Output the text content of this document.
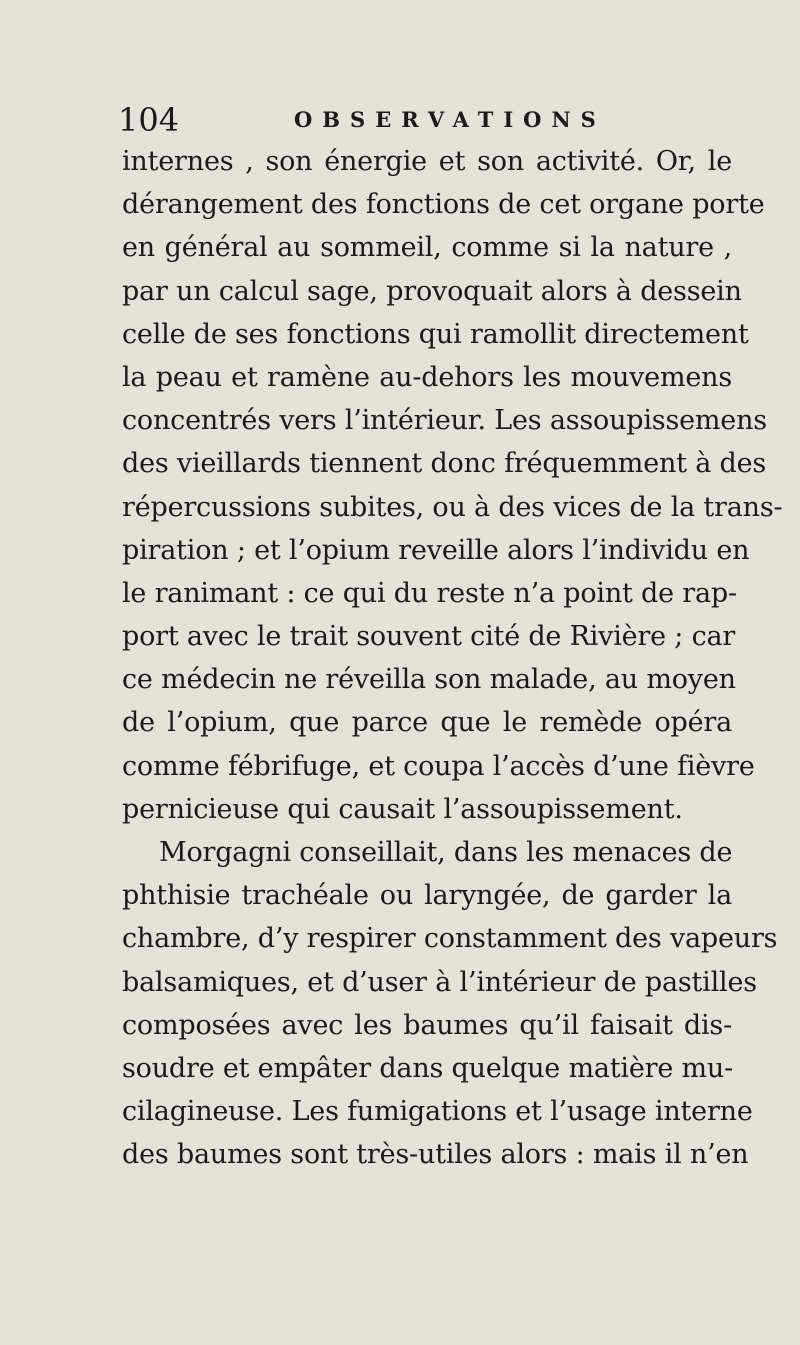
104	OBSERVATIONS
internes , son énergie et son activité. Or, le
dérangement des fonctions de cet organe porte
en général au sommeil, comme si la nature ,
par un calcul sage, provoquait alors à dessein
celle de ses fonctions qui ramollit directement
la peau et ramène au-dehors les mouvemens
concentrés vers l’intérieur. Les assoupissemens
des vieillards tiennent donc fréquemment à des
répercussions subites, ou à des vices de la trans-
piration ; et l’opium reveille alors l’individu en
le ranimant : ce qui du reste n’a point de rap-
port avec le trait souvent cité de Rivière ; car
ce médecin ne réveilla son malade, au moyen
de l’opium, que parce que le remède opéra
comme fébrifuge, et coupa l’accès d’une fièvre
pernicieuse qui causait l’assoupissement.
Morgagni conseillait, dans les menaces de
phthisie trachéale ou laryngée, de garder la
chambre, d’y respirer constamment des vapeurs
balsamiques, et d’user à l’intérieur de pastilles
composées avec les baumes qu’il faisait dis-
soudre et empâter dans quelque matière mu-
cilagineuse. Les fumigations et l’usage interne
des baumes sont très-utiles alors : mais il n’en
